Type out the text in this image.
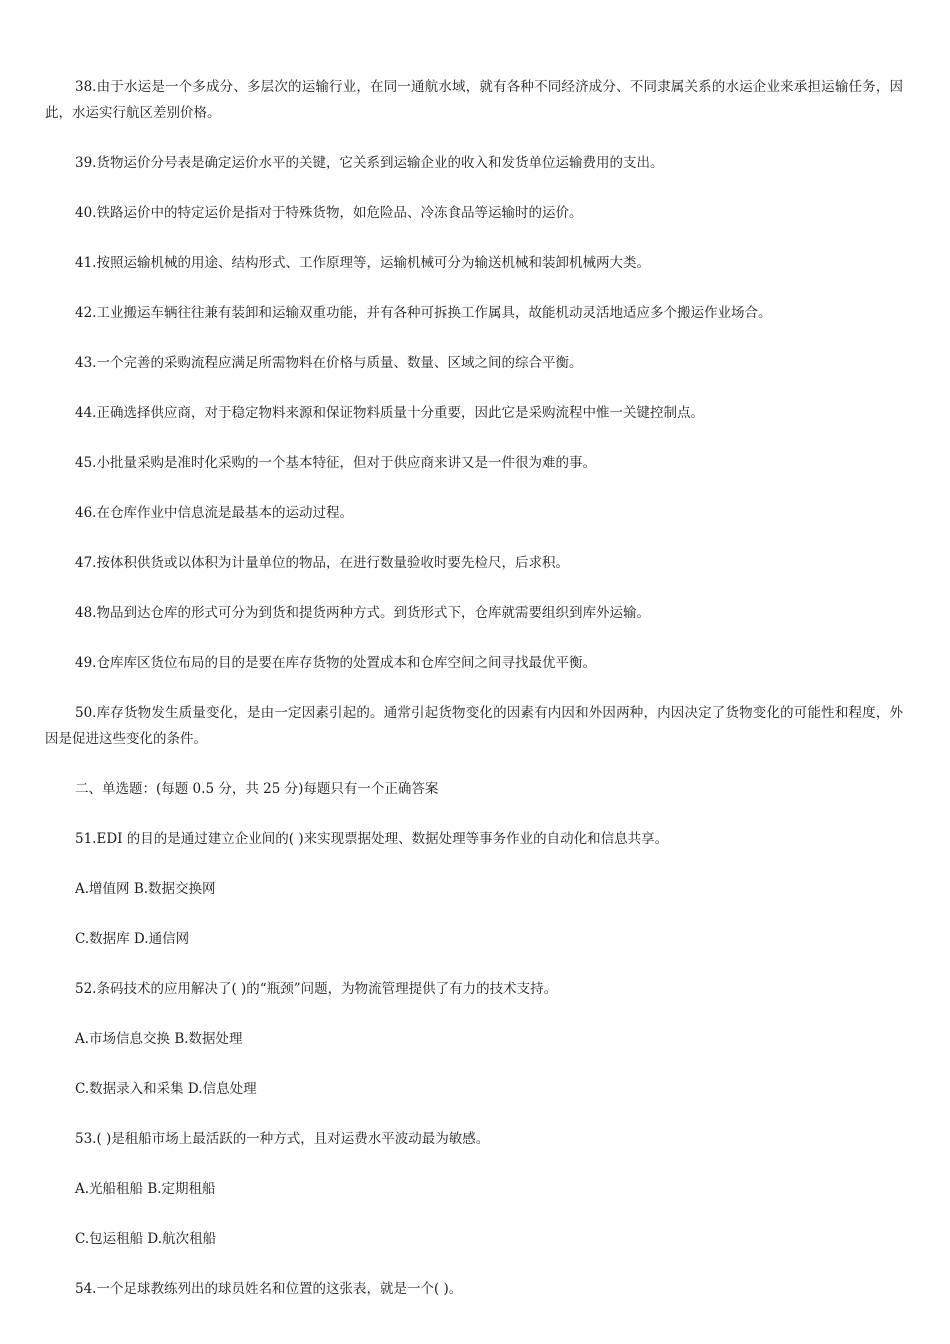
38.由于水运是一个多成分、多层次的运输行业，在同一通航水域，就有各种不同经济成分、不同隶属关系的水运企业来承担运输任务，因此，水运实行航区差别价格。

39.货物运价分号表是确定运价水平的关键，它关系到运输企业的收入和发货单位运输费用的支出。

40.铁路运价中的特定运价是指对于特殊货物，如危险品、冷冻食品等运输时的运价。

41.按照运输机械的用途、结构形式、工作原理等，运输机械可分为输送机械和装卸机械两大类。

42.工业搬运车辆往往兼有装卸和运输双重功能，并有各种可拆换工作属具，故能机动灵活地适应多个搬运作业场合。

43.一个完善的采购流程应满足所需物料在价格与质量、数量、区域之间的综合平衡。

44.正确选择供应商，对于稳定物料来源和保证物料质量十分重要，因此它是采购流程中惟一关键控制点。

45.小批量采购是准时化采购的一个基本特征，但对于供应商来讲又是一件很为难的事。

46.在仓库作业中信息流是最基本的运动过程。

47.按体积供货或以体积为计量单位的物品，在进行数量验收时要先检尺，后求积。

48.物品到达仓库的形式可分为到货和提货两种方式。到货形式下，仓库就需要组织到库外运输。

49.仓库库区货位布局的目的是要在库存货物的处置成本和仓库空间之间寻找最优平衡。

50.库存货物发生质量变化，是由一定因素引起的。通常引起货物变化的因素有内因和外因两种，内因决定了货物变化的可能性和程度，外因是促进这些变化的条件。

二、单选题：(每题 0.5 分，共 25 分)每题只有一个正确答案

51.EDI 的目的是通过建立企业间的( )来实现票据处理、数据处理等事务作业的自动化和信息共享。

A.增值网 B.数据交换网

C.数据库 D.通信网

52.条码技术的应用解决了( )的“瓶颈”问题，为物流管理提供了有力的技术支持。

A.市场信息交换 B.数据处理

C.数据录入和采集 D.信息处理

53.( )是租船市场上最活跃的一种方式，且对运费水平波动最为敏感。

A.光船租船 B.定期租船

C.包运租船 D.航次租船

54.一个足球教练列出的球员姓名和位置的这张表，就是一个( )。
